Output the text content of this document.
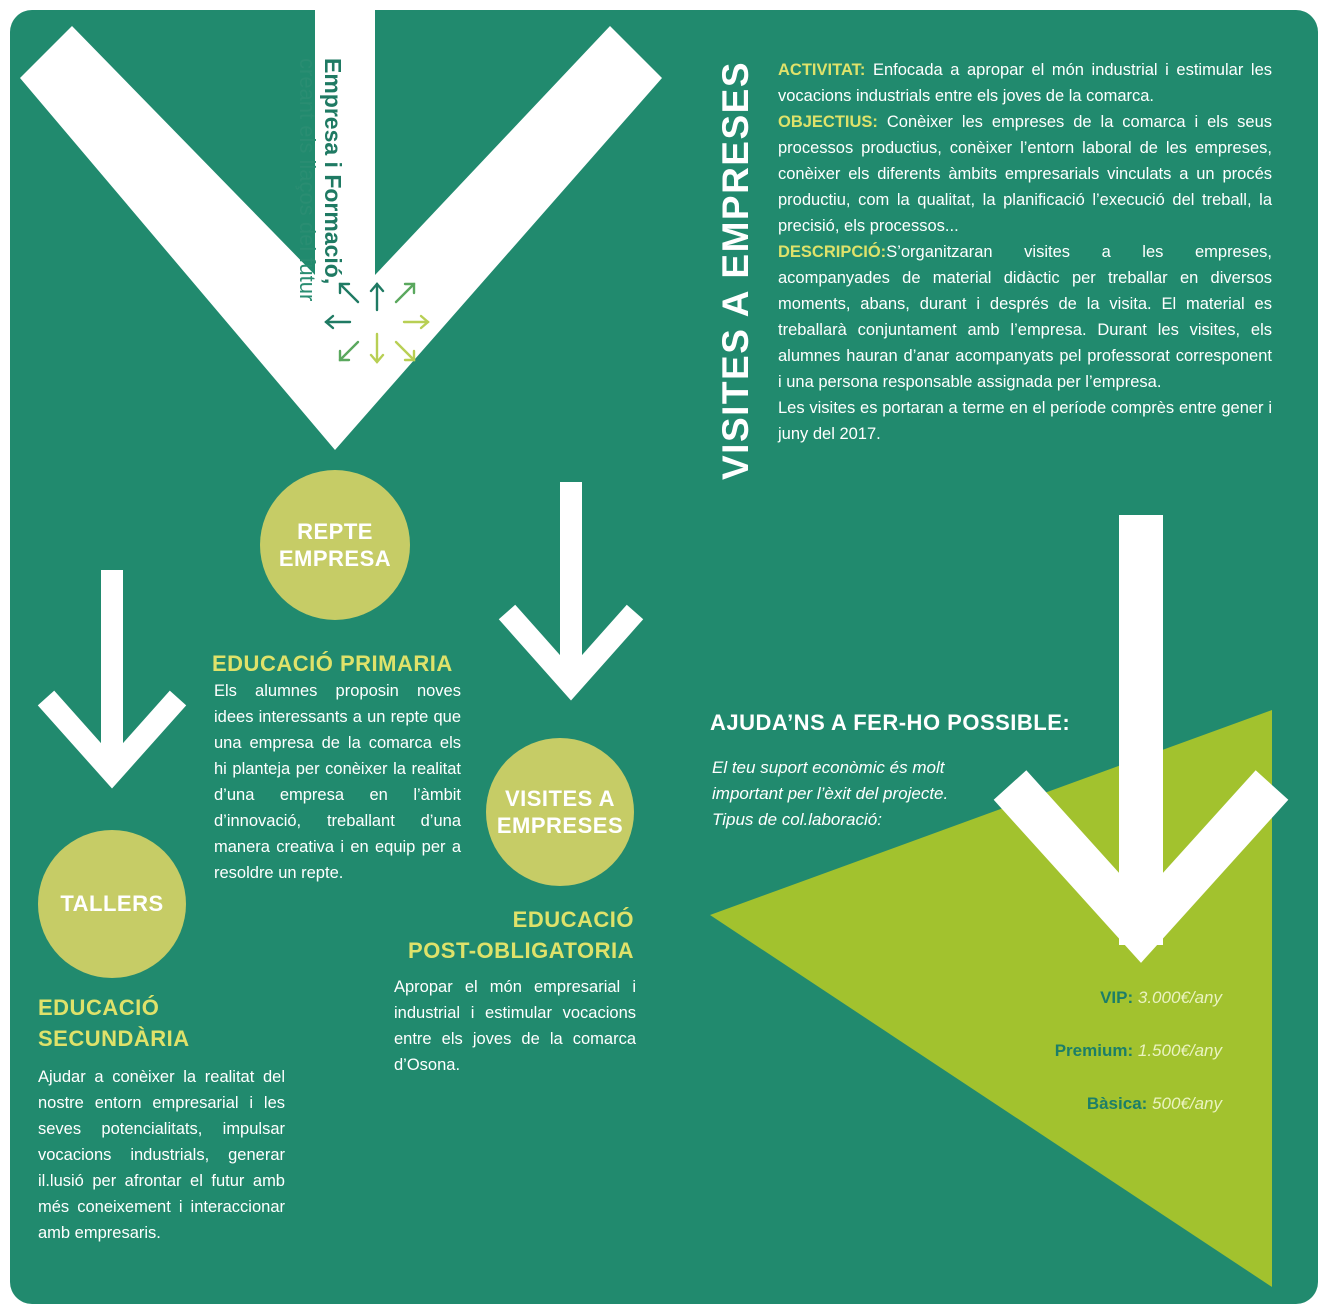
Empresa i Formació,
creant els llaços del futur
REPTE EMPRESA
VISITES A EMPRESES
TALLERS
EDUCACIÓ PRIMARIA
Els alumnes proposin noves idees interessants a un repte que una empresa de la comarca els hi planteja per conèixer la realitat d’una empresa en l’àmbit d’innovació, treballant d’una manera creativa i en equip per a resoldre un repte.
EDUCACIÓ
POST-OBLIGATORIA
Apropar el món empresarial i industrial i estimular vocacions entre els joves de la comarca d’Osona.
EDUCACIÓ
SECUNDÀRIA
Ajudar a conèixer la realitat del nostre entorn empresarial i les seves potencialitats, impulsar vocacions industrials, generar il.lusió per afrontar el futur amb més coneixement i interaccionar amb empresaris.
VISITES A EMPRESES ACTIVITAT: Enfocada a apropar el món industrial i estimular les vocacions industrials entre els joves de la comarca.

OBJECTIUS: Conèixer les empreses de la comarca i els seus processos productius, conèixer l’entorn laboral de les empreses, conèixer els diferents àmbits empresarials vinculats a un procés productiu, com la qualitat, la planificació l’execució del treball, la precisió, els processos...

DESCRIPCIÓ:S’organitzaran visites a les empreses, acompanyades de material didàctic per treballar en diversos moments, abans, durant i després de la visita. El material es treballarà conjuntament amb l’empresa. Durant les visites, els alumnes hauran d’anar acompanyats pel professorat corresponent i una persona responsable assignada per l’empresa.

Les visites es portaran a terme en el període comprès entre gener i juny del 2017.

AJUDA’NS A FER-HO POSSIBLE:
El teu suport econòmic és molt
important per l’èxit del projecte.
Tipus de col.laboració:
VIP: 3.000€/any
Premium: 1.500€/any
Bàsica: 500€/any
